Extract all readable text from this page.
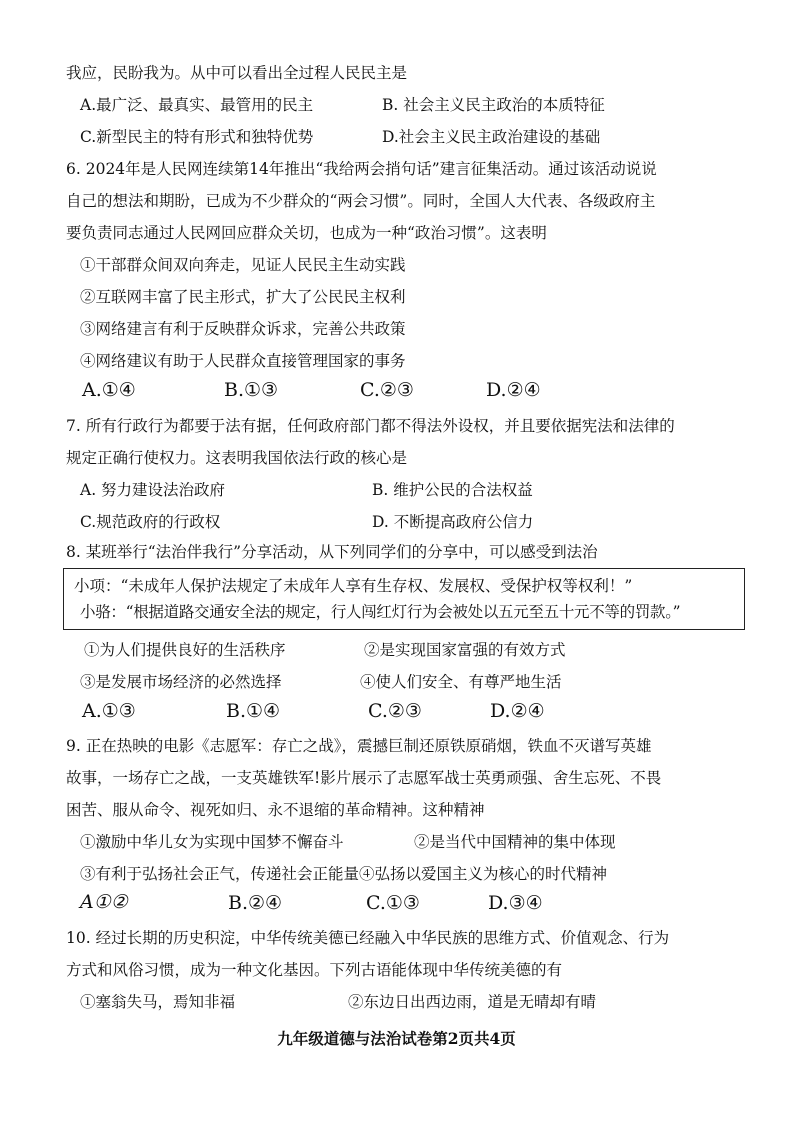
我应，民盼我为。从中可以看出全过程人民民主是
A.最广泛、最真实、最管用的民主	B. 社会主义民主政治的本质特征
C.新型民主的特有形式和独特优势	D.社会主义民主政治建设的基础
6. 2024年是人民网连续第14年推出“我给两会捎句话”建言征集活动。通过该活动说说
自己的想法和期盼，已成为不少群众的“两会习惯”。同时，全国人大代表、各级政府主
要负责同志通过人民网回应群众关切，也成为一种“政治习惯”。这表明
①干部群众间双向奔走，见证人民民主生动实践
②互联网丰富了民主形式，扩大了公民民主权利
③网络建言有利于反映群众诉求，完善公共政策
④网络建议有助于人民群众直接管理国家的事务
A.①④	B.①③	C.②③	D.②④
7. 所有行政行为都要于法有据，任何政府部门都不得法外设权，并且要依据宪法和法律的
规定正确行使权力。这表明我国依法行政的核心是
A. 努力建设法治政府	B. 维护公民的合法权益
C.规范政府的行政权	D. 不断提高政府公信力
8. 某班举行“法治伴我行”分享活动，从下列同学们的分享中，可以感受到法治
小项：“未成年人保护法规定了未成年人享有生存权、发展权、受保护权等权利！”
小骆：“根据道路交通安全法的规定，行人闯红灯行为会被处以五元至五十元不等的罚款。”
①为人们提供良好的生活秩序	②是实现国家富强的有效方式
③是发展市场经济的必然选择	④使人们安全、有尊严地生活
A.①③	B.①④	C.②③	D.②④
9. 正在热映的电影《志愿军：存亡之战》，震撼巨制还原铁原硝烟，铁血不灭谱写英雄
故事，一场存亡之战，一支英雄铁军!影片展示了志愿军战士英勇顽强、舍生忘死、不畏
困苦、服从命令、视死如归、永不退缩的革命精神。这种精神
①激励中华儿女为实现中国梦不懈奋斗	②是当代中国精神的集中体现
③有利于弘扬社会正气，传递社会正能量④弘扬以爱国主义为核心的时代精神
A①②	B.②④	C.①③	D.③④
10. 经过长期的历史积淀，中华传统美德已经融入中华民族的思维方式、价值观念、行为
方式和风俗习惯，成为一种文化基因。下列古语能体现中华传统美德的有
①塞翁失马，焉知非福	②东边日出西边雨，道是无晴却有晴
九年级道德与法治试卷第2页共4页
